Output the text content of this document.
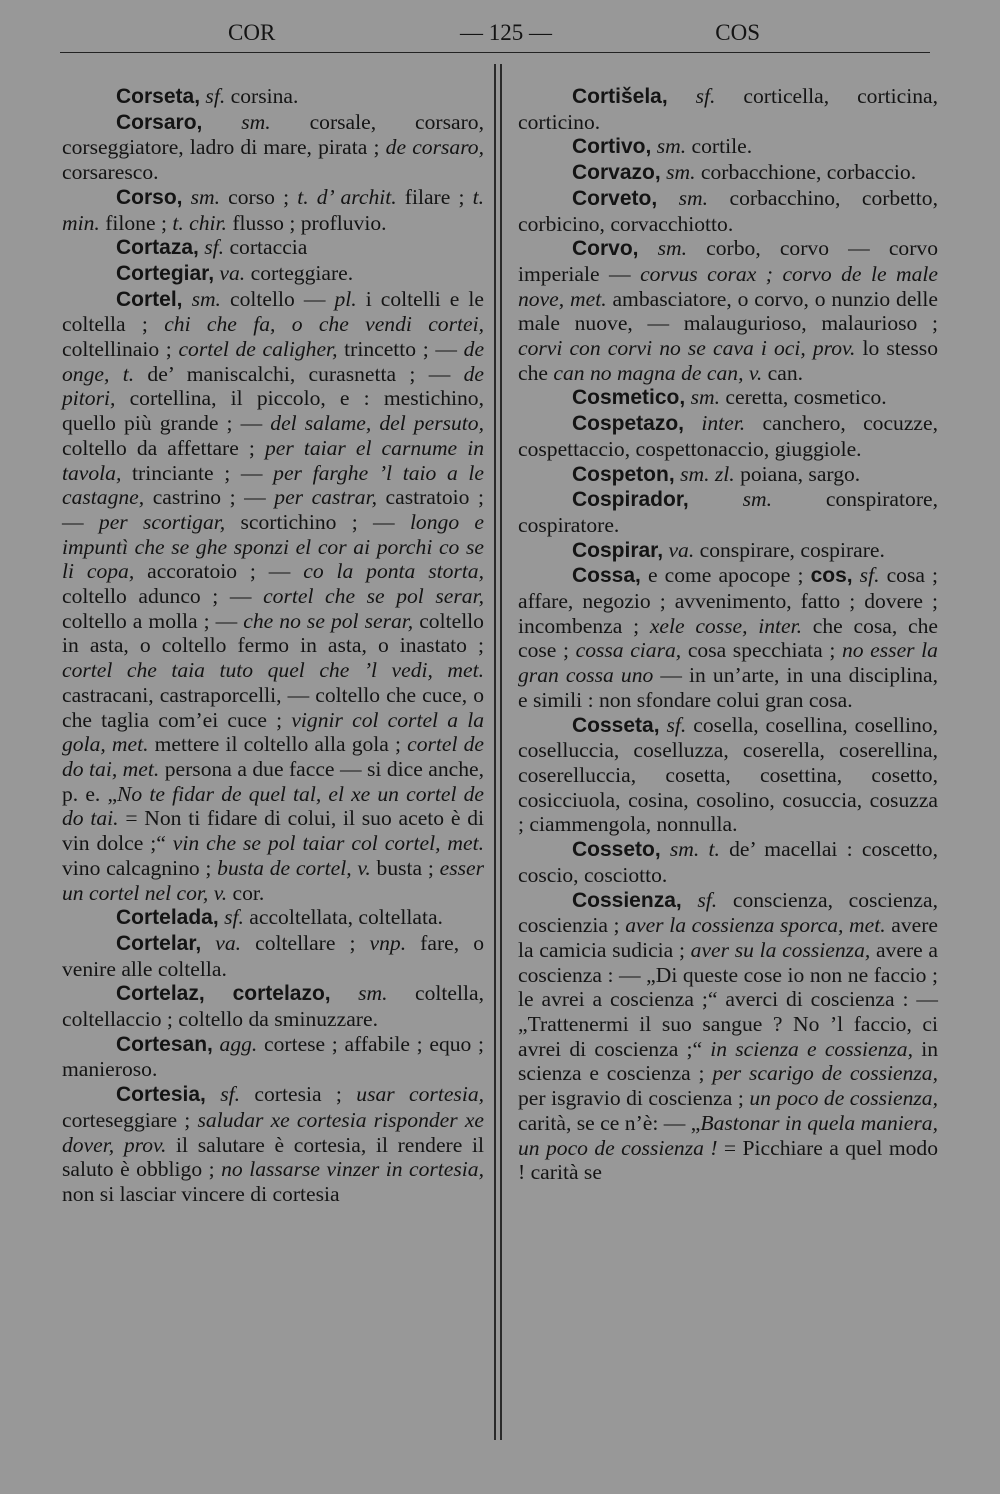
COR	— 125 —	COS

Corseta, sf. corsina.

Corsaro, sm. corsale, corsaro, corseggiatore, ladro di mare, pirata ; de corsaro, corsaresco.

Corso, sm. corso ; t. d’ archit. filare ; t. min. filone ; t. chir. flusso ; profluvio.

Cortaza, sf. cortaccia

Cortegiar, va. corteggiare.

Cortel, sm. coltello — pl. i coltelli e le coltella ; chi che fa, o che vendi cortei, coltellinaio ; cortel de caligher, trincetto ; — de onge, t. de’ maniscalchi, curasnetta ; — de pitori, cortellina, il piccolo, e : mestichino, quello più grande ; — del salame, del persuto, coltello da affettare ; per taiar el carnume in tavola, trinciante ; — per farghe ’l taio a le castagne, castrino ; — per castrar, castratoio ; — per scortigar, scortichino ; — longo e impuntì che se ghe sponzi el cor ai porchi co se li copa, accoratoio ; — co la ponta storta, coltello adunco ; — cortel che se pol serar, coltello a molla ; — che no se pol serar, coltello in asta, o coltello fermo in asta, o inastato ; cortel che taia tuto quel che ’l vedi, met. castracani, castraporcelli, — coltello che cuce, o che taglia com’ei cuce ; vignir col cortel a la gola, met. mettere il coltello alla gola ; cortel de do tai, met. persona a due facce — si dice anche, p. e. „No te fidar de quel tal, el xe un cortel de do tai. = Non ti fidare di colui, il suo aceto è di vin dolce ;“ vin che se pol taiar col cortel, met. vino calcagnino ; busta de cortel, v. busta ; esser un cortel nel cor, v. cor.

Cortelada, sf. accoltellata, coltellata.

Cortelar, va. coltellare ; vnp. fare, o venire alle coltella.

Cortelaz, cortelazo, sm. coltella, coltellaccio ; coltello da sminuzzare.

Cortesan, agg. cortese ; affabile ; equo ; manieroso.

Cortesia, sf. cortesia ; usar cortesia, corteseggiare ; saludar xe cortesia risponder xe dover, prov. il salutare è cortesia, il rendere il saluto è obbligo ; no lassarse vinzer in cortesia, non si lasciar vincere di cortesia

Cortišela, sf. corticella, corticina, corticino.

Cortivo, sm. cortile.

Corvazo, sm. corbacchione, corbaccio.

Corveto, sm. corbacchino, corbetto, corbicino, corvacchiotto.

Corvo, sm. corbo, corvo — corvo imperiale — corvus corax ; corvo de le male nove, met. ambasciatore, o corvo, o nunzio delle male nuove, — malaugurioso, malaurioso ; corvi con corvi no se cava i oci, prov. lo stesso che can no magna de can, v. can.

Cosmetico, sm. ceretta, cosmetico.

Cospetazo, inter. canchero, cocuzze, cospettaccio, cospettonaccio, giuggiole.

Cospeton, sm. zl. poiana, sargo.

Cospirador, sm. conspiratore, cospiratore.

Cospirar, va. conspirare, cospirare.

Cossa, e come apocope ; cos, sf. cosa ; affare, negozio ; avvenimento, fatto ; dovere ; incombenza ; xele cosse, inter. che cosa, che cose ; cossa ciara, cosa specchiata ; no esser la gran cossa uno — in un’arte, in una disciplina, e simili : non sfondare colui gran cosa.

Cosseta, sf. cosella, cosellina, cosellino, coselluccia, coselluzza, coserella, coserellina, coserelluccia, cosetta, cosettina, cosetto, cosicciuola, cosina, cosolino, cosuccia, cosuzza ; ciammengola, nonnulla.

Cosseto, sm. t. de’ macellai : coscetto, coscio, cosciotto.

Cossienza, sf. conscienza, coscienza, coscienzia ; aver la cossienza sporca, met. avere la camicia sudicia ; aver su la cossienza, avere a coscienza : — „Di queste cose io non ne faccio ; le avrei a coscienza ;“ averci di coscienza : — „Trattenermi il suo sangue ? No ’l faccio, ci avrei di coscienza ;“ in scienza e cossienza, in scienza e coscienza ; per scarigo de cossienza, per isgravio di coscienza ; un poco de cossienza, carità, se ce n’è: — „Bastonar in quela maniera, un poco de cossienza ! = Picchiare a quel modo ! carità se
